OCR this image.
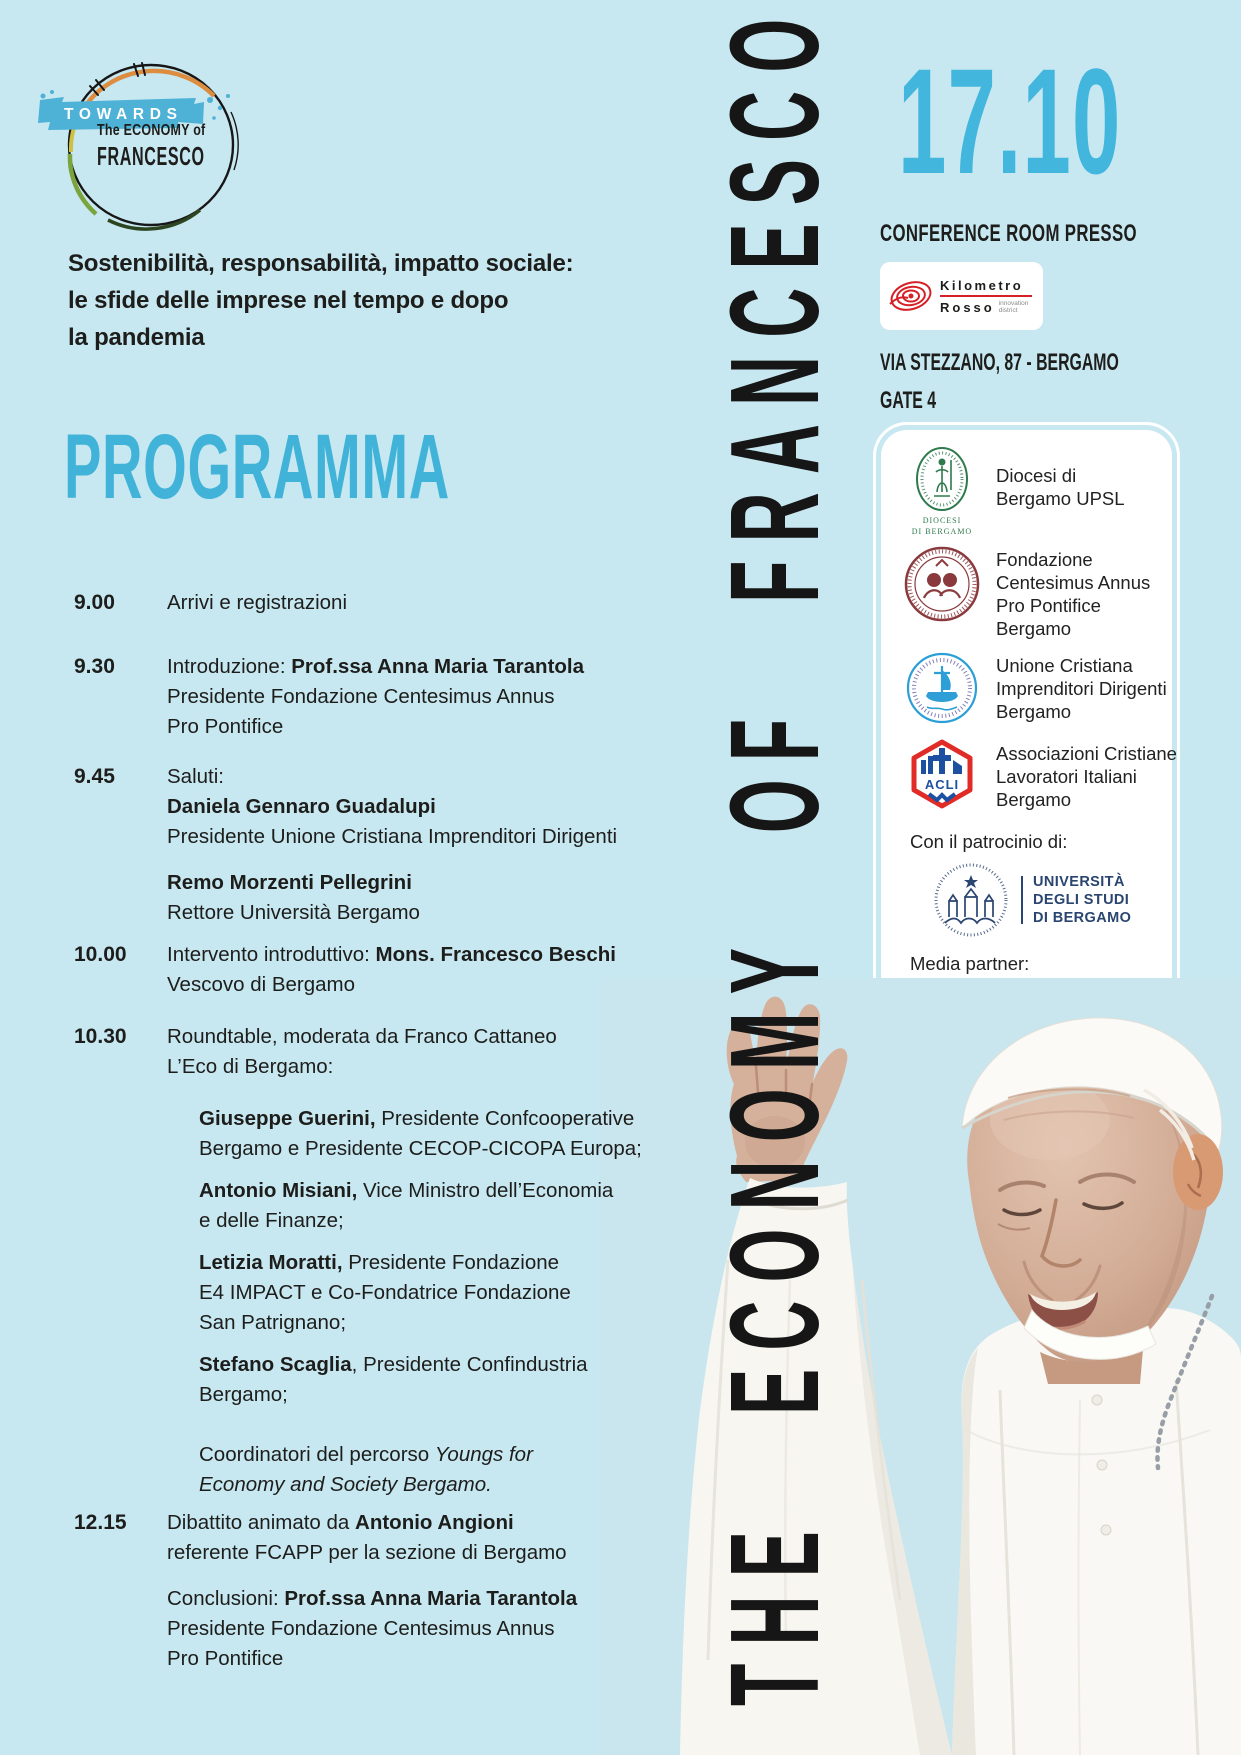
THE ECONOMY OF FRANCESCO
TOWARDS
The ECONOMY of
FRANCESCO
Sostenibilità, responsabilità, impatto sociale:
le sfide delle imprese nel tempo e dopo
la pandemia
PROGRAMMA
9.00	Arrivi e registrazioni
9.30	Introduzione: Prof.ssa Anna Maria Tarantola
Presidente Fondazione Centesimus Annus
Pro Pontifice
9.45	Saluti:
Daniela Gennaro Guadalupi
Presidente Unione Cristiana Imprenditori Dirigenti
Remo Morzenti Pellegrini
Rettore Università Bergamo
10.00	Intervento introduttivo: Mons. Francesco Beschi
Vescovo di Bergamo
10.30	Roundtable, moderata da Franco Cattaneo
L’Eco di Bergamo:
Giuseppe Guerini, Presidente Confcooperative
Bergamo e Presidente CECOP-CICOPA Europa;
Antonio Misiani, Vice Ministro dell’Economia
e delle Finanze;
Letizia Moratti, Presidente Fondazione
E4 IMPACT e Co-Fondatrice Fondazione
San Patrignano;
Stefano Scaglia, Presidente Confindustria
Bergamo;
Coordinatori del percorso Youngs for
Economy and Society Bergamo.
12.15	Dibattito animato da Antonio Angioni
referente FCAPP per la sezione di Bergamo
Conclusioni: Prof.ssa Anna Maria Tarantola
Presidente Fondazione Centesimus Annus
Pro Pontifice
17.10
CONFERENCE ROOM PRESSO
Kilometro
Rosso innovation
district
VIA STEZZANO, 87 - BERGAMO
GATE 4
DIOCESI
DI BERGAMO
Diocesi di
Bergamo UPSL
Fondazione
Centesimus Annus
Pro Pontifice
Bergamo
Unione Cristiana
Imprenditori Dirigenti
Bergamo
ACLI
Associazioni Cristiane
Lavoratori Italiani
Bergamo
Con il patrocinio di:
UNIVERSITÀ
DEGLI STUDI
DI BERGAMO
Media partner:
